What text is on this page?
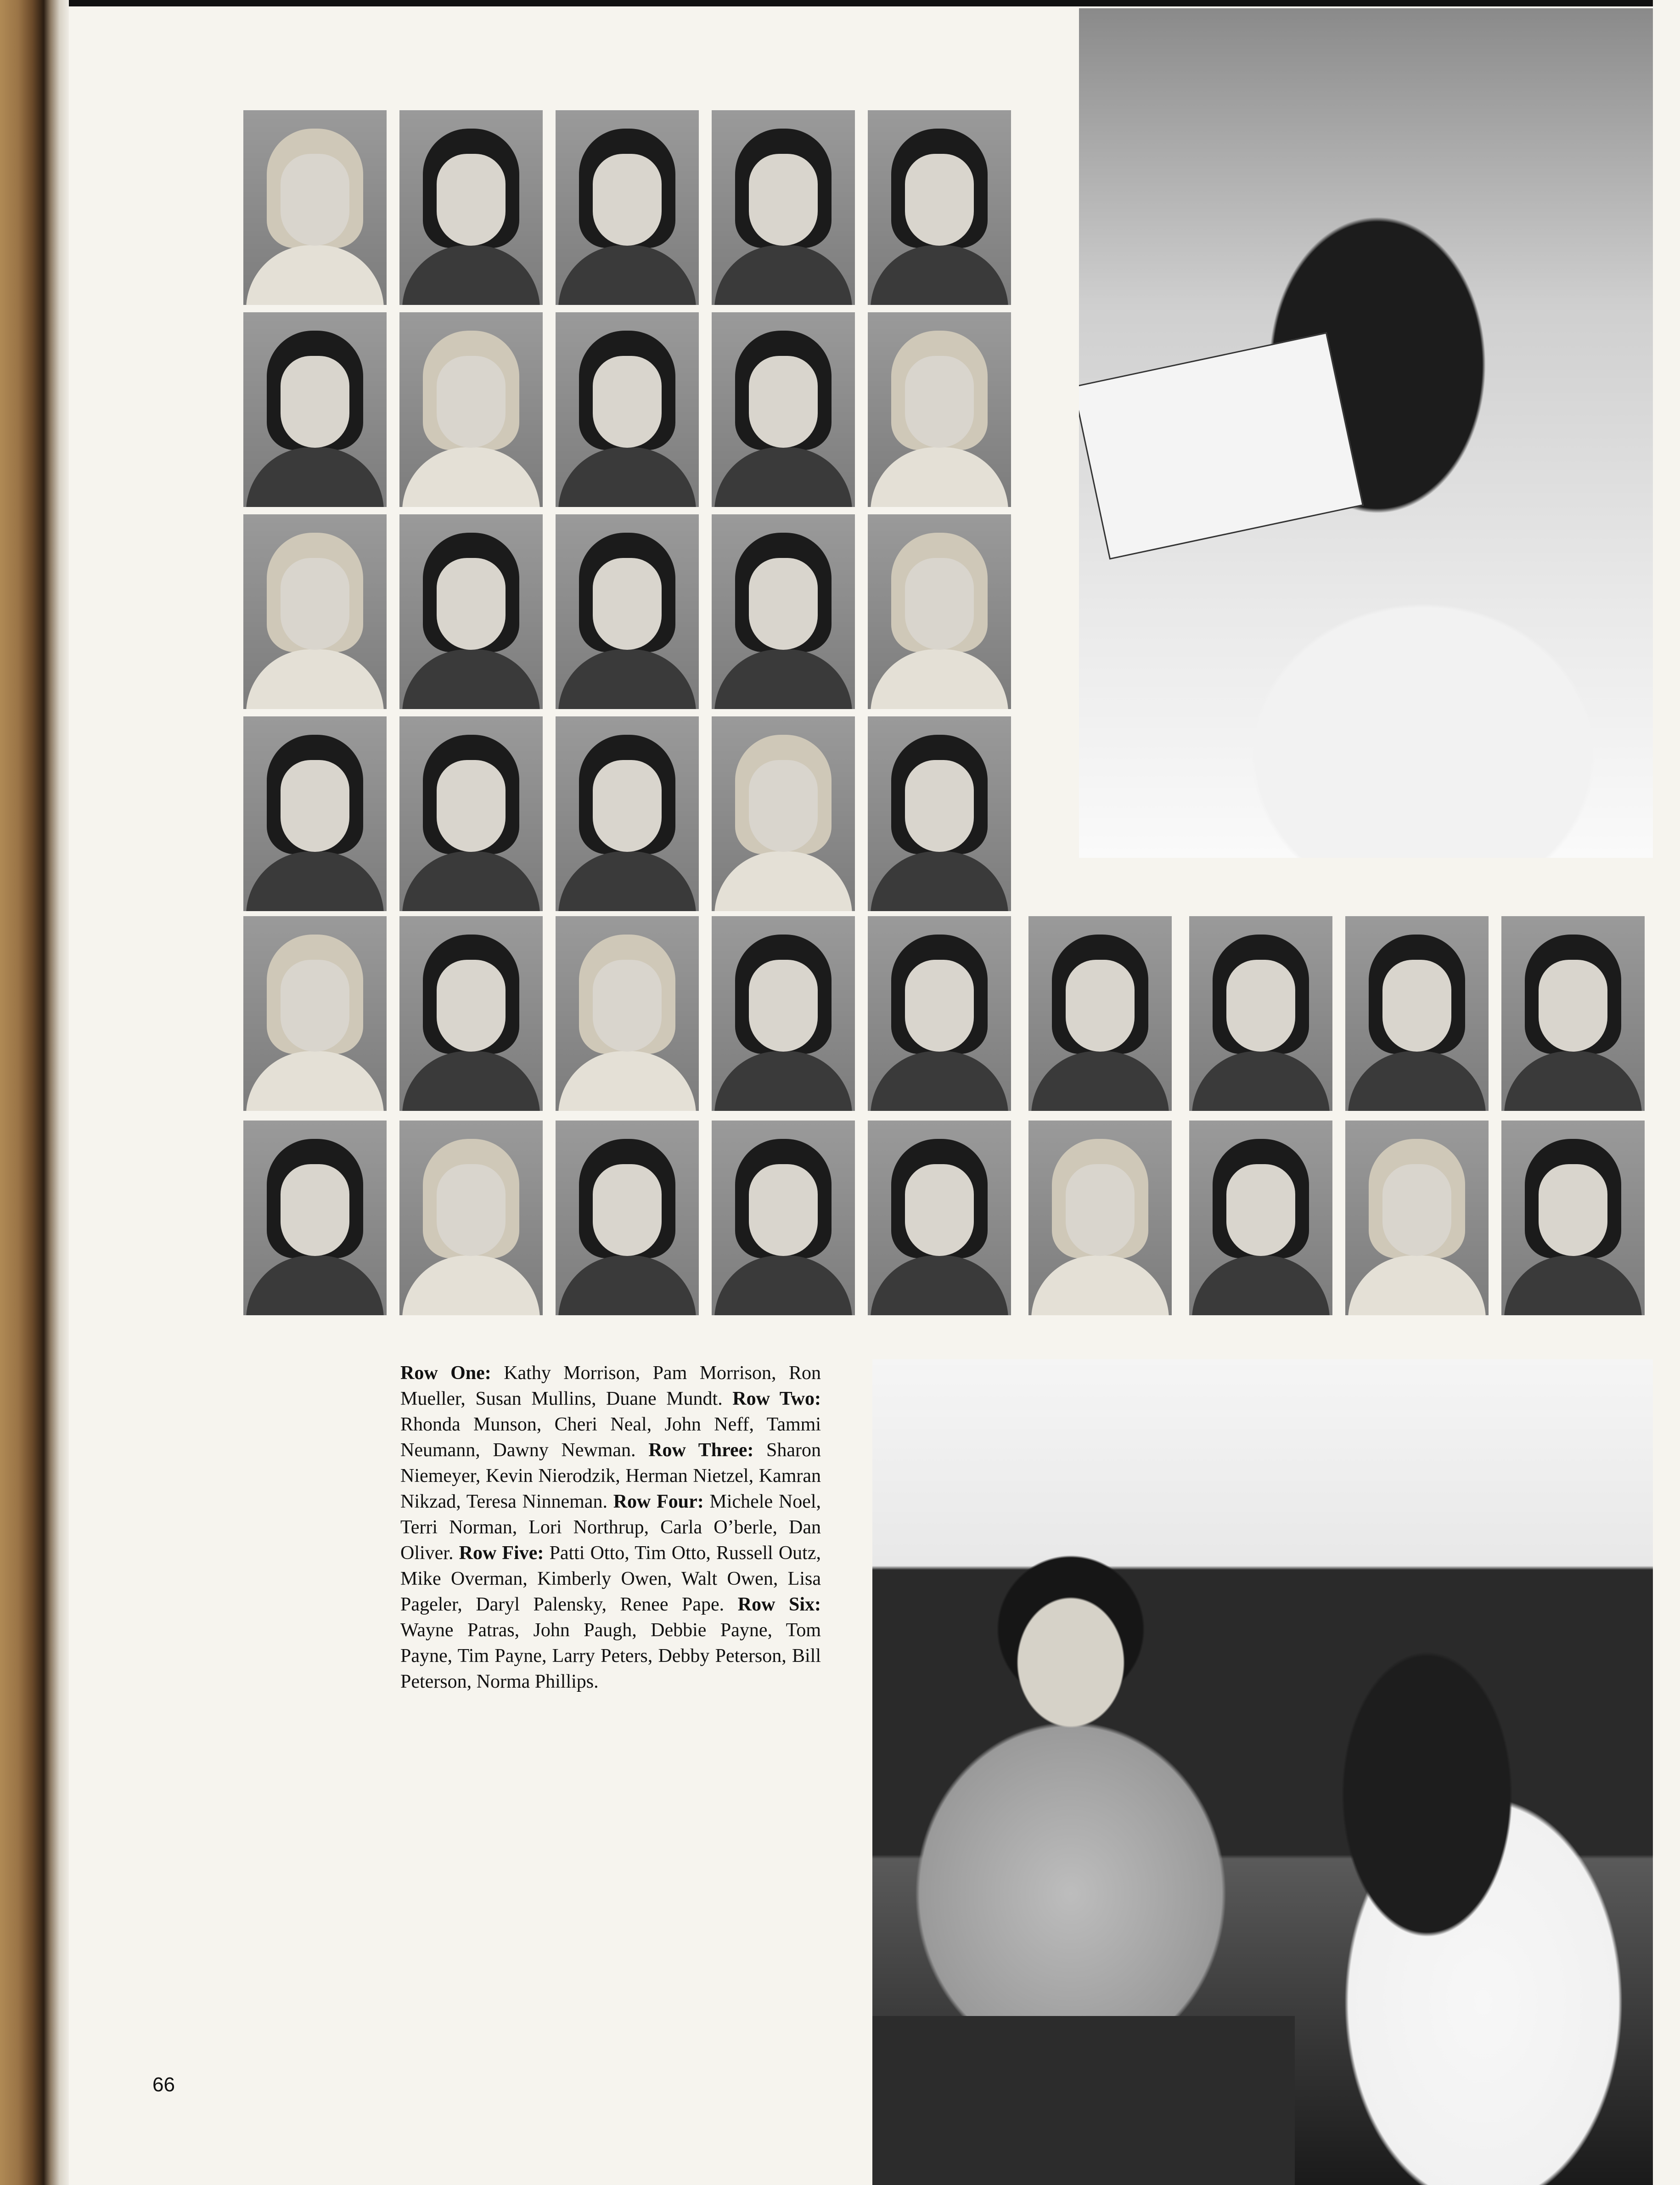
Row One: Kathy Morrison, Pam Morrison, Ron Mueller, Susan Mullins, Duane Mundt. Row Two: Rhonda Munson, Cheri Neal, John Neff, Tammi Neumann, Dawny Newman. Row Three: Sharon Niemeyer, Kevin Nierodzik, Herman Nietzel, Kamran Nikzad, Teresa Ninneman. Row Four: Michele Noel, Terri Norman, Lori Northrup, Carla O’berle, Dan Oliver. Row Five: Patti Otto, Tim Otto, Russell Outz, Mike Overman, Kimberly Owen, Walt Owen, Lisa Pageler, Daryl Palensky, Renee Pape. Row Six: Wayne Patras, John Paugh, Debbie Payne, Tom Payne, Tim Payne, Larry Peters, Debby Peterson, Bill Peterson, Norma Phillips.
66
